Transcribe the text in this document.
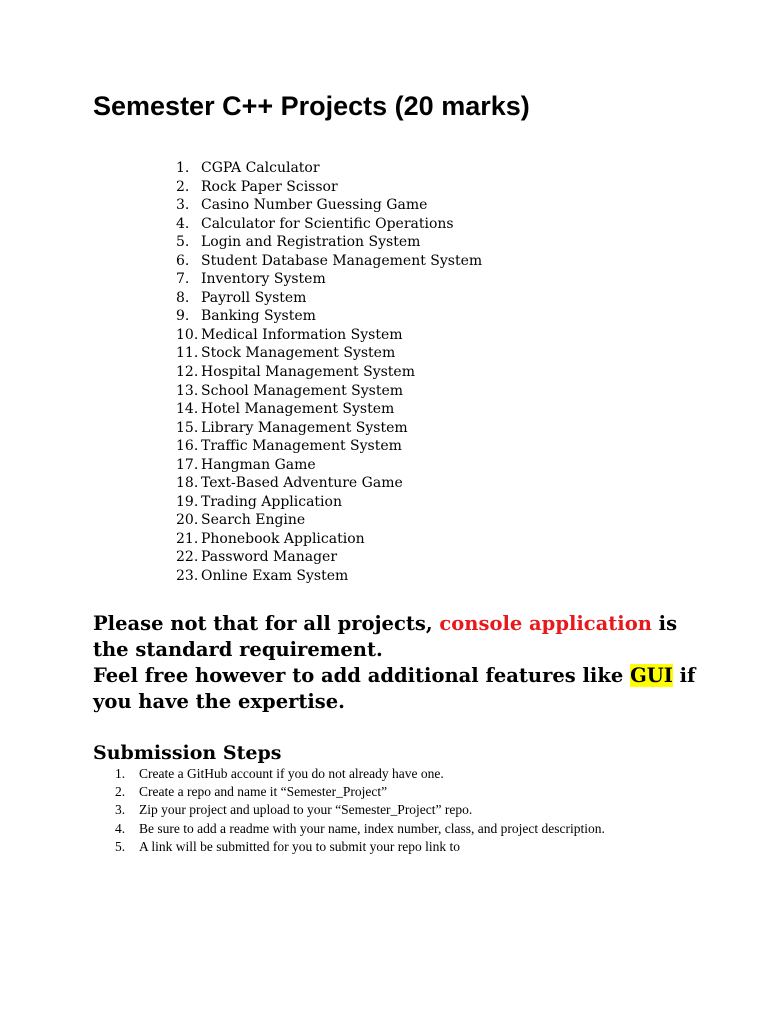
Semester C++ Projects (20 marks)
1. CGPA Calculator
2. Rock Paper Scissor
3. Casino Number Guessing Game
4. Calculator for Scientific Operations
5. Login and Registration System
6. Student Database Management System
7. Inventory System
8. Payroll System
9. Banking System
10. Medical Information System
11. Stock Management System
12. Hospital Management System
13. School Management System
14. Hotel Management System
15. Library Management System
16. Traffic Management System
17. Hangman Game
18. Text-Based Adventure Game
19. Trading Application
20. Search Engine
21. Phonebook Application
22. Password Manager
23. Online Exam System

Please not that for all projects, console application is

the standard requirement.

Feel free however to add additional features like GUI if

you have the expertise.

Submission Steps
1.	Create a GitHub account if you do not already have one.
2.	Create a repo and name it “Semester_Project”
3.	Zip your project and upload to your “Semester_Project” repo.
4.	Be sure to add a readme with your name, index number, class, and project description.
5.	A link will be submitted for you to submit your repo link to
